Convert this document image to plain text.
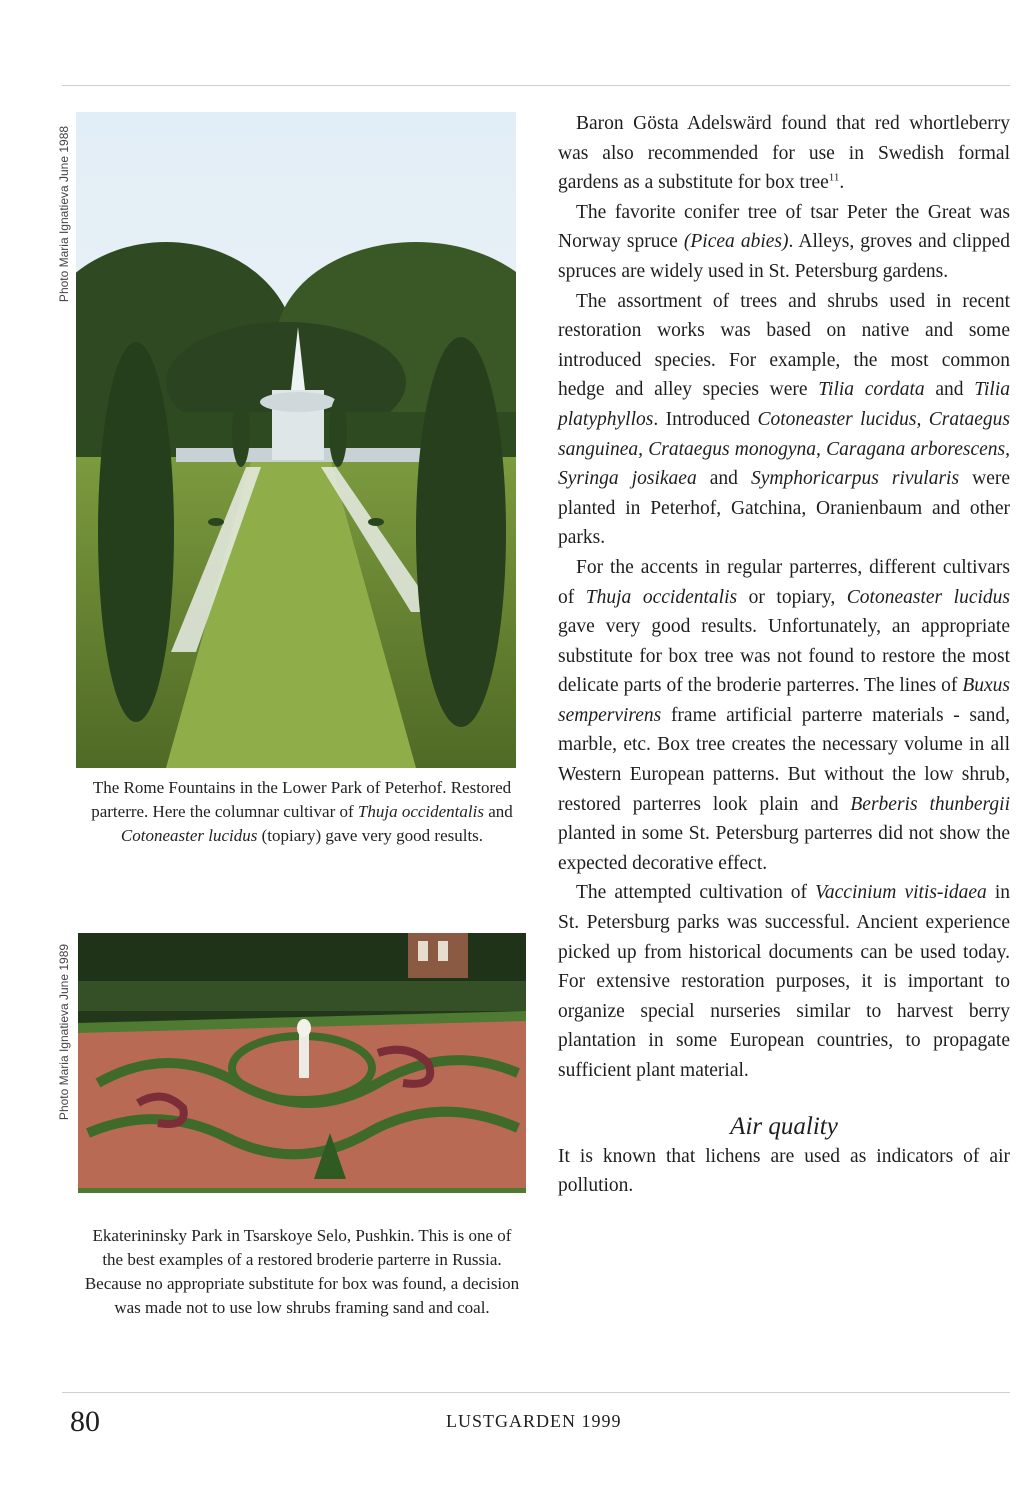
Photo Maria Ignatieva June 1988
The Rome Fountains in the Lower Park of Peterhof. Restored parterre. Here the columnar cultivar of Thuja occidentalis and Cotoneaster lucidus (topiary) gave very good results.
Photo Maria Ignatieva June 1989
Ekaterininsky Park in Tsarskoye Selo, Pushkin. This is one of the best examples of a restored broderie parterre in Russia. Because no appropriate substitute for box was found, a decision was made not to use low shrubs framing sand and coal.

Baron Gösta Adelswärd found that red whortleberry was also recommended for use in Swedish formal gardens as a substitute for box tree$^{11}$.

The favorite conifer tree of tsar Peter the Great was Norway spruce (Picea abies). Alleys, groves and clipped spruces are widely used in St. Petersburg gardens.

The assortment of trees and shrubs used in recent restoration works was based on native and some introduced species. For example, the most common hedge and alley species were Tilia cordata and Tilia platyphyllos. Introduced Cotoneaster lucidus, Crataegus sanguinea, Crataegus monogyna, Caragana arborescens, Syringa josikaea and Symphoricarpus rivularis were planted in Peterhof, Gatchina, Oranienbaum and other parks.

For the accents in regular parterres, different cultivars of Thuja occidentalis or topiary, Cotoneaster lucidus gave very good results. Unfortunately, an appropriate substitute for box tree was not found to restore the most delicate parts of the broderie parterres. The lines of Buxus sempervirens frame artificial parterre materials - sand, marble, etc. Box tree creates the necessary volume in all Western European patterns. But without the low shrub, restored parterres look plain and Berberis thunbergii planted in some St. Petersburg parterres did not show the expected decorative effect.

The attempted cultivation of Vaccinium vitis-idaea in St. Petersburg parks was successful. Ancient experience picked up from historical documents can be used today. For extensive restoration purposes, it is important to organize special nurseries similar to harvest berry plantation in some European countries, to propagate sufficient plant material.

Air quality

It is known that lichens are used as indicators of air pollution.

80	LUSTGARDEN 1999
